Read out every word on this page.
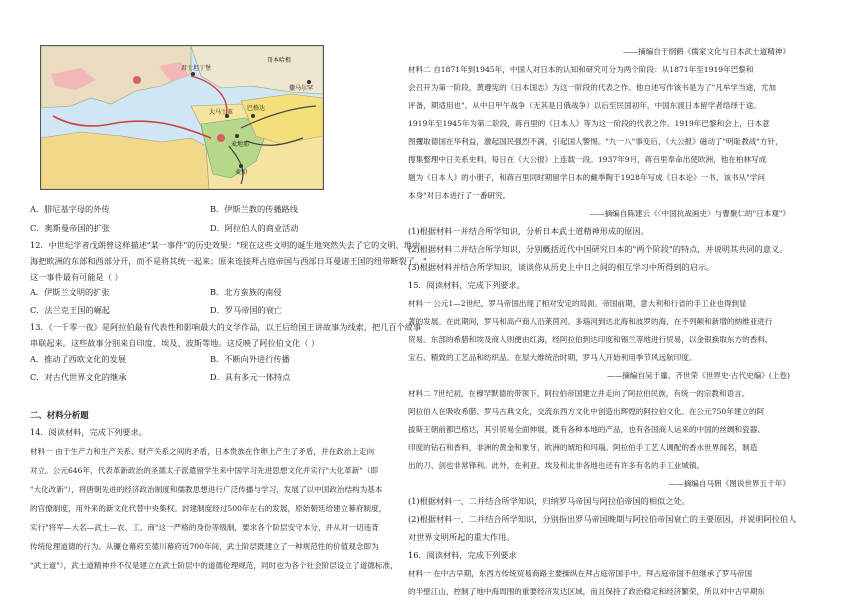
君士坦丁堡
大马士革
麦地那
麦加
巴格达
哥本哈根
撒马尔罕
A．腓尼基字母的外传	B．伊斯兰教的传播路线
C．奥斯曼帝国的扩张	D．阿拉伯人的商业活动
12．中世纪学者戊朗曾这样描述"某一事件"的历史效果："现在这些文明的诞生地突然失去了它的文明，地中
海把欧洲的东部和西部分开，而不是将其统一起来；原来连接拜占庭帝国与西部日耳曼诸王国的纽带断裂了。"
这一事件最有可能是（ ）
A．伊斯兰文明的扩张	B．北方蛮族的南侵
C．法兰克王国的崛起	D．罗马帝国的衰亡
13．《一千零一夜》是阿拉伯最有代表性和影响最大的文学作品，以王后给国王讲故事为线索，把几百个故事
串联起来。这些故事分别来自印度、埃及、波斯等地。这反映了阿拉伯文化（ ）
A．推动了西欧文化的发展	B．不断向外进行传播
C．对古代世界文化的继承	D．具有多元一体特点
二、材料分析题
14．阅读材料，完成下列要求。
材料一 由于生产力和生产关系、财产关系之间的矛盾，日本贵族在作卵上产生了矛盾，并在政治上走向
对立。公元646年，代表革新政治的圣德太子派遣留学生来中国学习先进思想文化并实行"大化革新"（即
"大化改新"），将唐朝先进的经济政治制度和儒教思想进行广泛传播与学习，发展了以中国政治结构为基本
的官僚制度，用外来的新文化代替中央集权。封建制度经过500年左右的发展，原始朝廷给建立幕府制度，
实行"将军—大名—武士—农、工、商"这一严格的身份等级制，要求各个阶层安守本分，并从对一切违背
传统伦理道德的行为。从镰仓幕府至德川幕府近700年间，武士阶层既建立了一种规范性的价值观念即为
"武士道"），武士道精神并不仅是建立在武士阶层中的道德伦理规范，同时也为各个社会阶层设立了道德标准，
——摘编自于纲鹤《儒家文化与日本武士道精神》
材料二 自1871年到1945年，中国人对日本的认知和研究可分为两个阶段：从1871年至1919年巴黎和
会召开为第一阶段，黄遵宪的《日本国志》为这一阶段的代表之作。他自述写作该书是为了"凡牟学当途，尤加
评备，期适用也"。从中日甲午战争（无其是日俄战争）以后至民国初年，中国东渡日本留学者络绎于途。
1919年至1945年为第二阶段，蒋百里的《日本人》等为这一阶段的代表之作。1919年巴黎和会上，日本意
图攫取德国在华利益，激起国民强烈不满，引起国人警惕。"九一八"事变后，《大公报》磁动了"明耻教战"方针，
搜集整理中日关系史料，每日在《大公报》上连载一段。1937年9月，蒋百里奉命出使欧洲，他在柏林写成
题为《日本人》的小册子，和蒋百里同时期留学日本的戴季陶于1928年写成《日本论》一书，该书从"学问
本身"对日本进行了一番研究。
——摘编自陈建云《〈中国抗战画史〉与曹聚仁的"日本观"》
(1)根据材料一并结合所学知识，分析日本武士道精神形成的原因。
(2)根据材料二并结合所学知识，分别概括近代中国研究日本的"两个阶段"的特点，并说明其共同的意义。
(3)根据材料并结合所学知识，谈谈你从历史上中日之间的相互学习中所得到的启示。
15．阅读材料，完成下列要求。
材料一 公元1—2世纪，罗马帝国出现了相对安定的局面。帝国前期，意大利和行省的手工业也得到显
著的发展。在此期间，罗马和高卢商人沿莱茵河、多瑙河到达北海和波罗的海，在不列颠和新增的纳维亚进行
贸易。东部的希腊和埃及商人则便由红海，经阿拉伯到达印度和锡兰等地进行贸易，以金银换取东方的香料、
宝石、精致的工艺品和纺织品。在屋大维统治时期，罗马人开始利用季节风远航印度。
——摘编自吴于廑、齐世荣《世界史·古代史编》(上卷)
材料二 7世纪初，在穆罕默德的带领下，阿拉伯帝国建立并走向了阿拉伯民族，有统一的宗教和语言。
阿拉伯人在吸收希腊、罗马古典文化，交流东西方文化中创造出辉煌的阿拉伯文化。在公元750年建立的阿
拔斯王朝前都巴格达，其引贸易全面伸展，既有各种本地的产品，也有各国商人运来的中国的丝绸和瓷器、
印度的钻石和香料，非洲的黄金和象牙，欧洲的琥珀和玛瑙。阿拉伯手工艺人调配的香水世界闻名，制造
出的刀、剑也非常锋利。此外，在利亚、埃及和北非各地也还有许多有名的手工业城镇。
——摘编自马佣《图说世界五千年》
(1)根据材料一、二并结合所学知识，归纳罗马帝国与阿拉伯帝国的相似之处。
(2)根据材料一、二并结合所学知识，分别指出罗马帝国晚期与阿拉伯帝国衰亡的主要原因，并说明阿拉伯人
对世界文明所起的重大作用。
16．阅读材料，完成下列要求
材料一 在中古早期，东西方传统贸易商路主要操纵在拜占庭帝国手中。拜占庭帝国不但继承了罗马帝国
的半壁江山，控制了地中海周围的重要经济发达区域，而且保持了政治稳定和经济繁荣，所以对中古早期东
